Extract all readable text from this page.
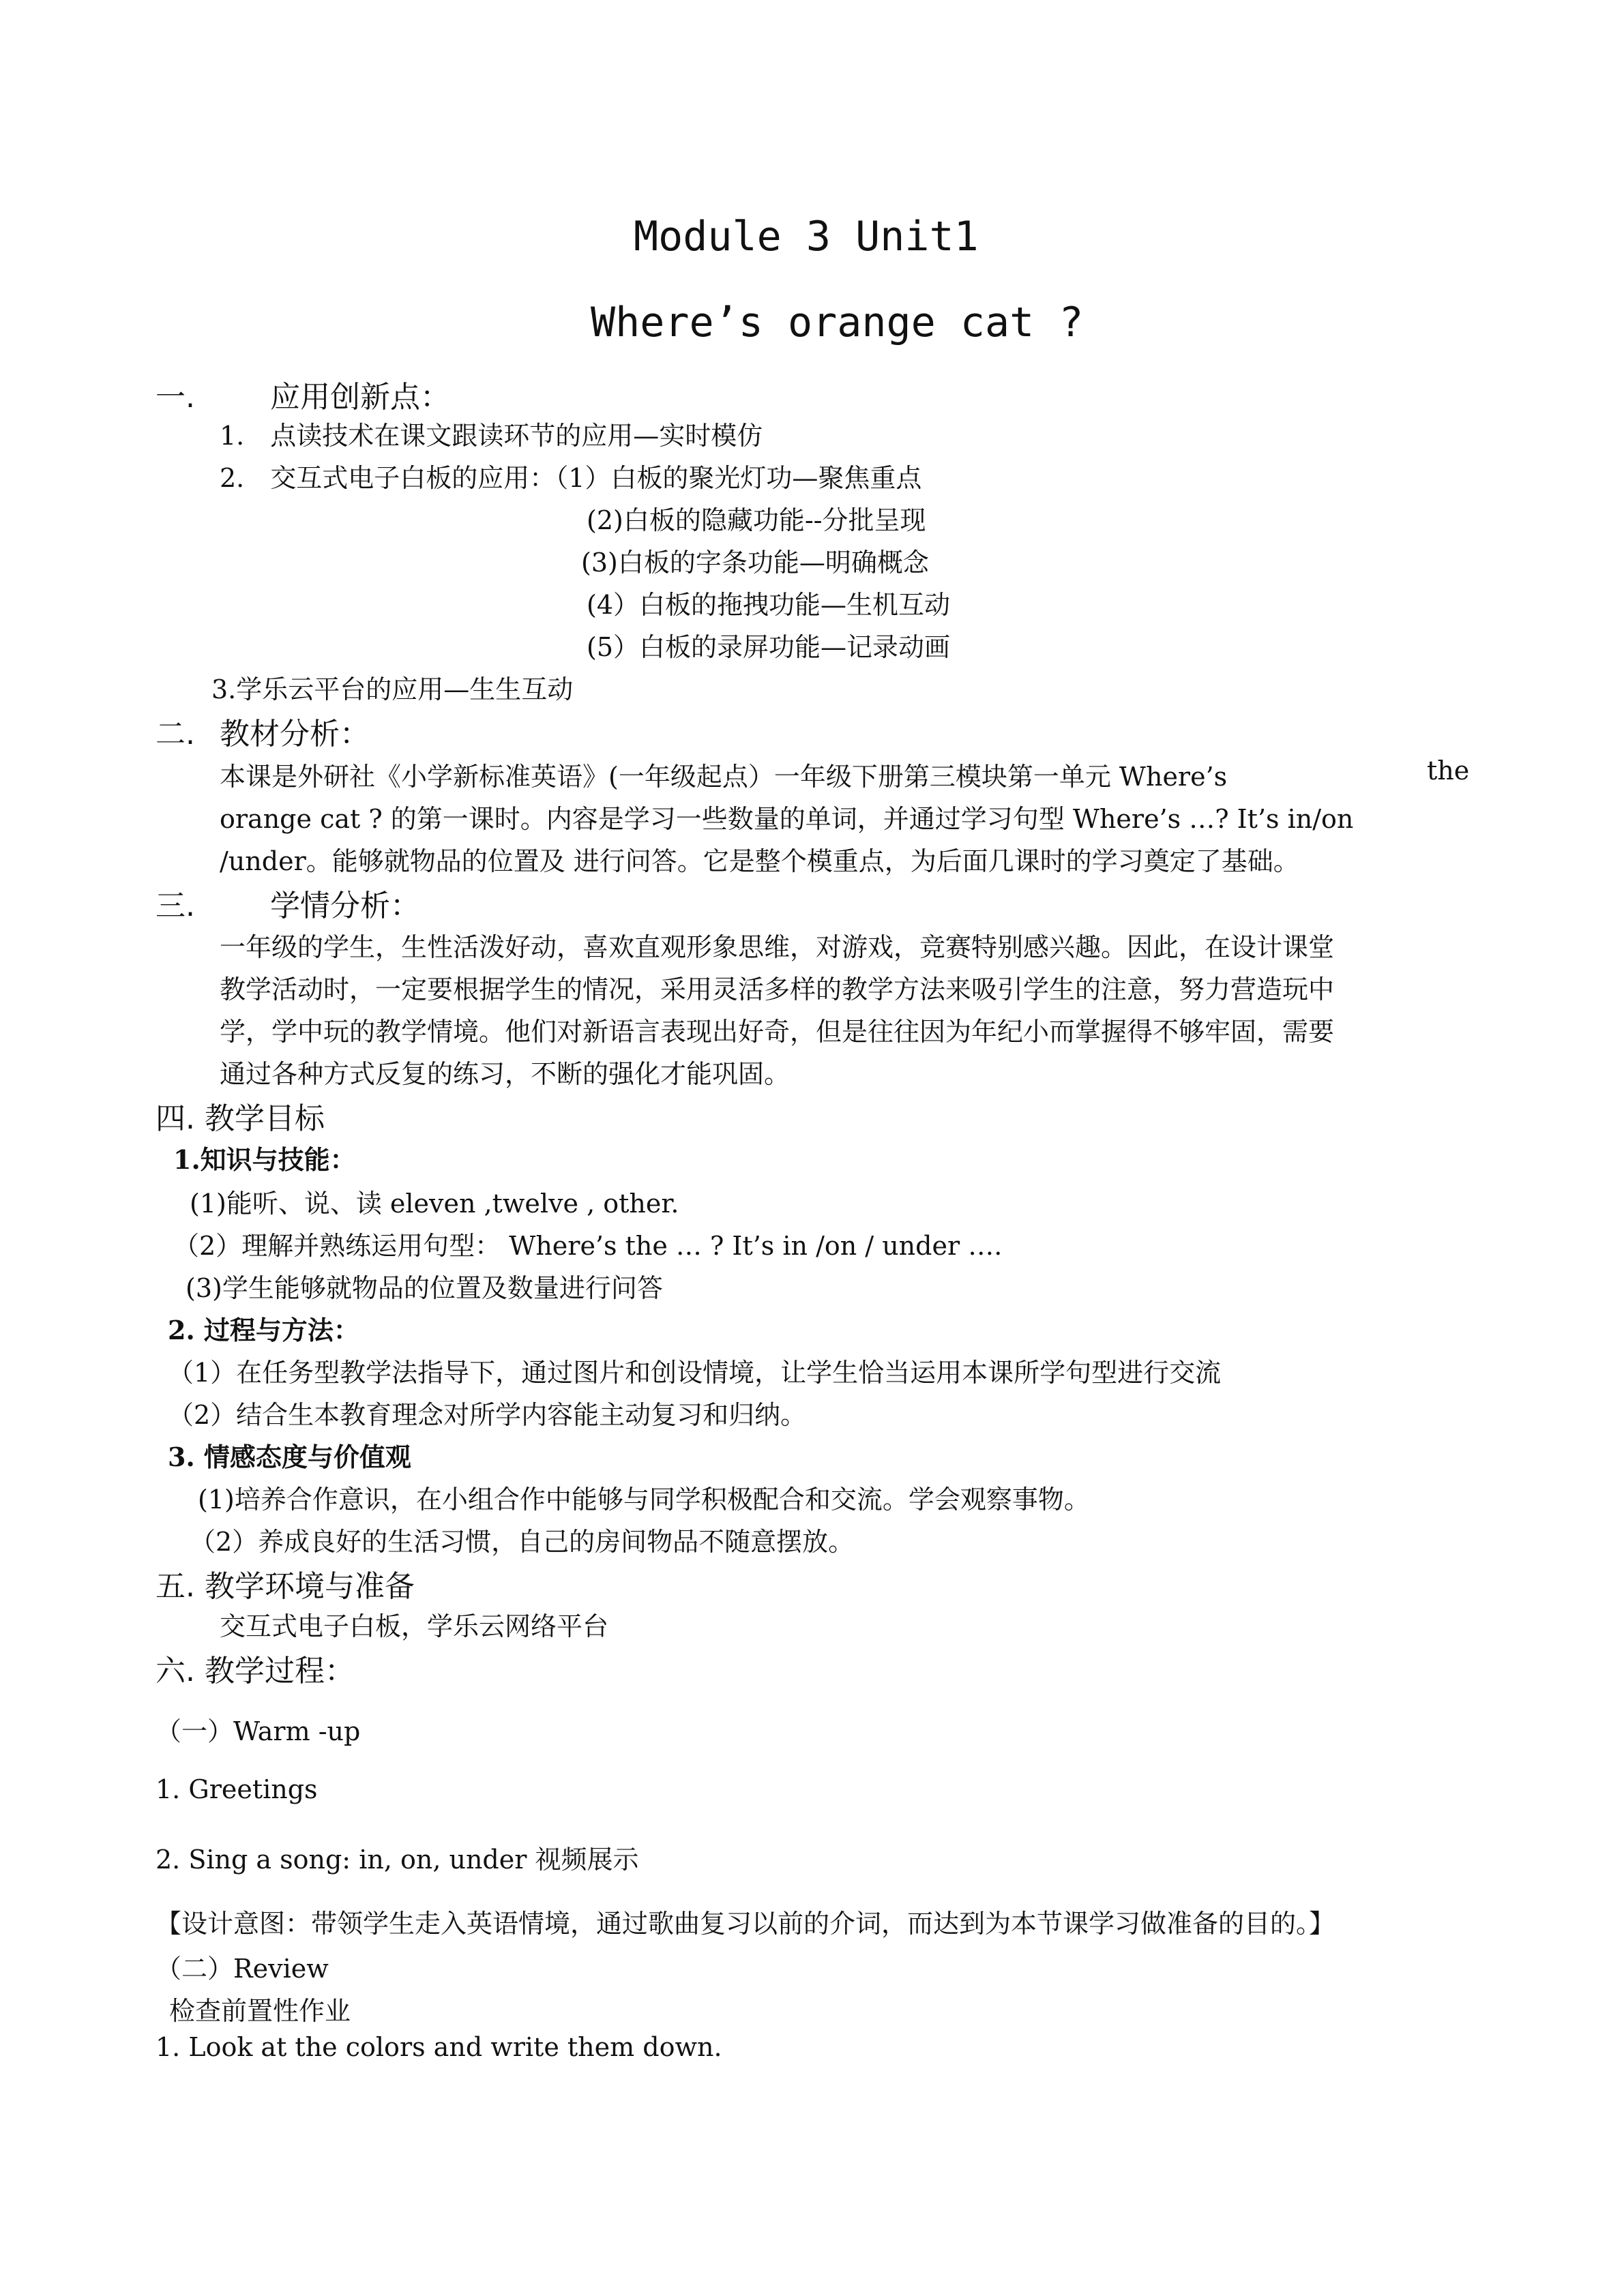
Module 3 Unit1
Where’s orange cat ?
一.	应用创新点：
1.　点读技术在课文跟读环节的应用—实时模仿
2.　交互式电子白板的应用：（1）白板的聚光灯功—聚焦重点
(2)白板的隐藏功能--分批呈现
(3)白板的字条功能—明确概念
(4）白板的拖拽功能—生机互动
(5）白板的录屏功能—记录动画
3.学乐云平台的应用—生生互动
二. 教材分析：
本课是外研社《小学新标准英语》(一年级起点）一年级下册第三模块第一单元 Where’s	the
orange cat ? 的第一课时。内容是学习一些数量的单词，并通过学习句型 Where’s …? It’s in/on
/under。能够就物品的位置及 进行问答。它是整个模重点，为后面几课时的学习奠定了基础。
三.	学情分析：
一年级的学生，生性活泼好动，喜欢直观形象思维，对游戏，竞赛特别感兴趣。因此，在设计课堂
教学活动时，一定要根据学生的情况，采用灵活多样的教学方法来吸引学生的注意，努力营造玩中
学，学中玩的教学情境。他们对新语言表现出好奇，但是往往因为年纪小而掌握得不够牢固，需要
通过各种方式反复的练习，不断的强化才能巩固。
四. 教学目标
1.知识与技能：
(1)能听、说、读 eleven ,twelve , other.
（2）理解并熟练运用句型： Where’s the … ? It’s in /on / under ….
(3)学生能够就物品的位置及数量进行问答
2. 过程与方法：
（1）在任务型教学法指导下，通过图片和创设情境，让学生恰当运用本课所学句型进行交流
（2）结合生本教育理念对所学内容能主动复习和归纳。
3. 情感态度与价值观
(1)培养合作意识，在小组合作中能够与同学积极配合和交流。学会观察事物。
（2）养成良好的生活习惯，自己的房间物品不随意摆放。
五. 教学环境与准备
交互式电子白板，学乐云网络平台
六. 教学过程：
（一）Warm -up
1. Greetings
2. Sing a song: in, on, under 视频展示
【设计意图：带领学生走入英语情境，通过歌曲复习以前的介词，而达到为本节课学习做准备的目的。】
（二）Review
检查前置性作业
1. Look at the colors and write them down.
